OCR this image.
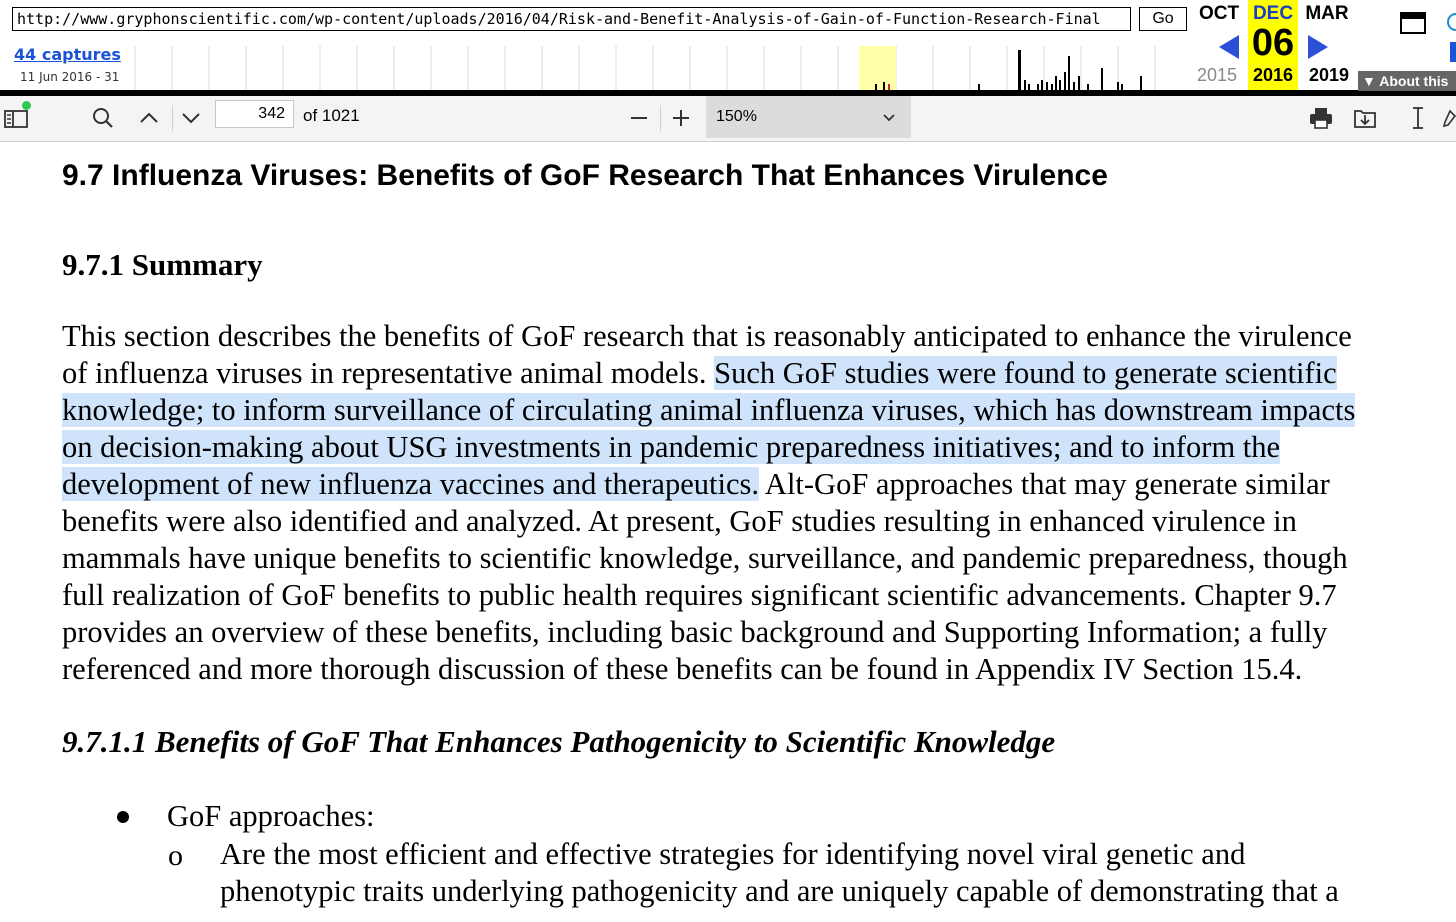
http://www.gryphonscientific.com/wp-content/uploads/2016/04/Risk-and-Benefit-Analysis-of-Gain-of-Function-Research-Final
Go
44 captures
11 Jun 2016 - 31
OCT DEC MAR
06
2015 2016 2019 ▼ About this
342
of 1021	150%
9.7 Influenza Viruses: Benefits of GoF Research That Enhances Virulence
9.7.1 Summary
This section describes the benefits of GoF research that is reasonably anticipated to enhance the virulence
of influenza viruses in representative animal models. Such GoF studies were found to generate scientific
knowledge; to inform surveillance of circulating animal influenza viruses, which has downstream impacts
on decision-making about USG investments in pandemic preparedness initiatives; and to inform the
development of new influenza vaccines and therapeutics. Alt-GoF approaches that may generate similar
benefits were also identified and analyzed. At present, GoF studies resulting in enhanced virulence in
mammals have unique benefits to scientific knowledge, surveillance, and pandemic preparedness, though
full realization of GoF benefits to public health requires significant scientific advancements. Chapter 9.7
provides an overview of these benefits, including basic background and Supporting Information; a fully
referenced and more thorough discussion of these benefits can be found in Appendix IV Section 15.4.
9.7.1.1 Benefits of GoF That Enhances Pathogenicity to Scientific Knowledge
GoF approaches:
o Are the most efficient and effective strategies for identifying novel viral genetic and
phenotypic traits underlying pathogenicity and are uniquely capable of demonstrating that a
